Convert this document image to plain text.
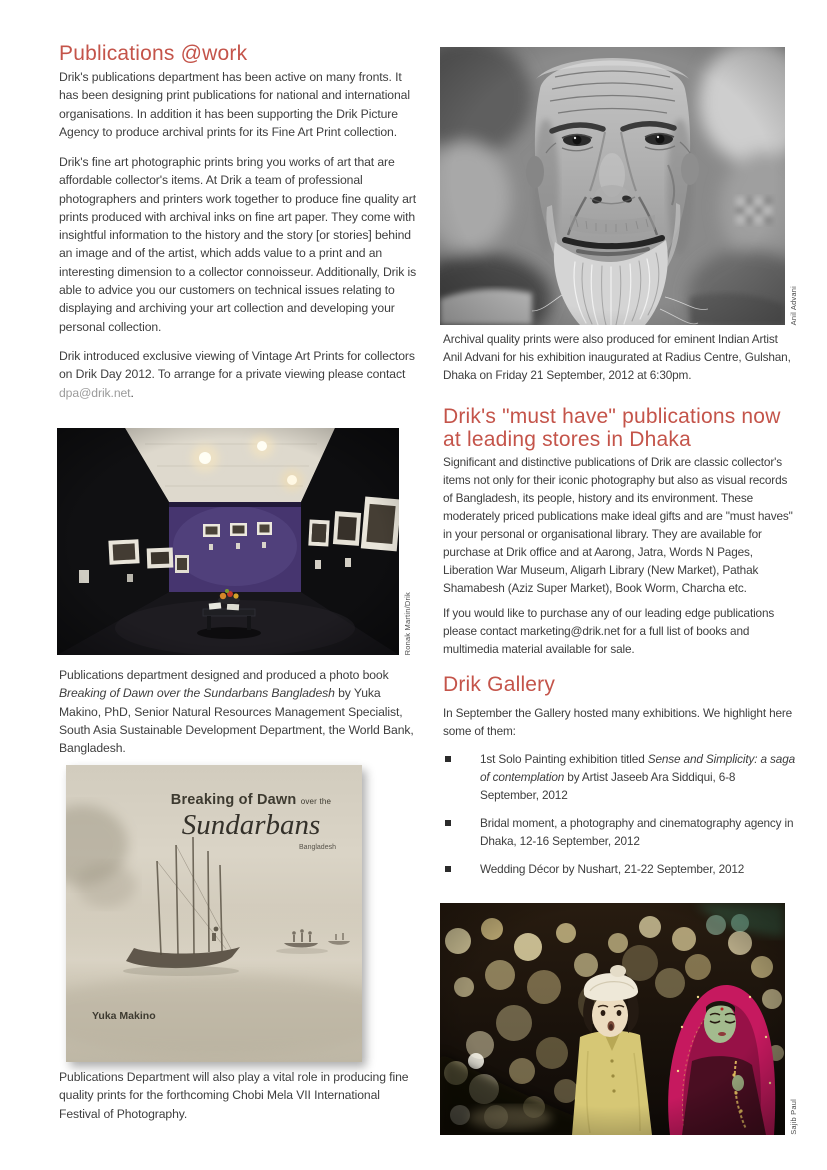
Publications @work

Drik's publications department has been active on many fronts. It has been designing print publications for national and international organisations. In addition it has been supporting the Drik Picture Agency to produce archival prints for its Fine Art Print collection.

Drik's fine art photographic prints bring you works of art that are affordable collector's items. At Drik a team of professional photographers and printers work together to produce fine quality art prints produced with archival inks on fine art paper. They come with insightful information to the history and the story [or stories] behind an image and of the artist, which adds value to a print and an interesting dimension to a collector connoisseur. Additionally, Drik is able to advice you our customers on technical issues relating to displaying and archiving your art collection and developing your personal collection.

Drik introduced exclusive viewing of Vintage Art Prints for collectors on Drik Day 2012. To arrange for a private viewing please contact dpa@drik.net.

Ronak Martin/Drik

Publications department designed and produced a photo book Breaking of Dawn over the Sundarbans Bangladesh by Yuka Makino, PhD, Senior Natural Resources Management Specialist, South Asia Sustainable Development Department, the World Bank, Bangladesh.

Breaking of Dawn over the
Sundarbans
Bangladesh
Yuka Makino

Publications Department will also play a vital role in producing fine quality prints for the forthcoming Chobi Mela VII International Festival of Photography.

Anil Advani

Archival quality prints were also produced for eminent Indian Artist Anil Advani for his exhibition inaugurated at Radius Centre, Gulshan, Dhaka on Friday 21 September, 2012 at 6:30pm.

Drik's "must have" publications now at leading stores in Dhaka

Significant and distinctive publications of Drik are classic collector's items not only for their iconic photography but also as visual records of Bangladesh, its people, history and its environment. These moderately priced publications make ideal gifts and are "must haves" in your personal or organisational library. They are available for purchase at Drik office and at Aarong, Jatra, Words N Pages, Liberation War Museum, Aligarh Library (New Market), Pathak Shamabesh (Aziz Super Market), Book Worm, Charcha etc.

If you would like to purchase any of our leading edge publications please contact marketing@drik.net for a full list of books and multimedia material available for sale.

Drik Gallery

In September the Gallery hosted many exhibitions. We highlight here some of them:

1st Solo Painting exhibition titled Sense and Simplicity: a saga of contemplation by Artist Jaseeb Ara Siddiqui, 6-8 September, 2012
Bridal moment, a photography and cinematography agency in Dhaka, 12-16 September, 2012
Wedding Décor by Nushart, 21-22 September, 2012
Sajib Paul
